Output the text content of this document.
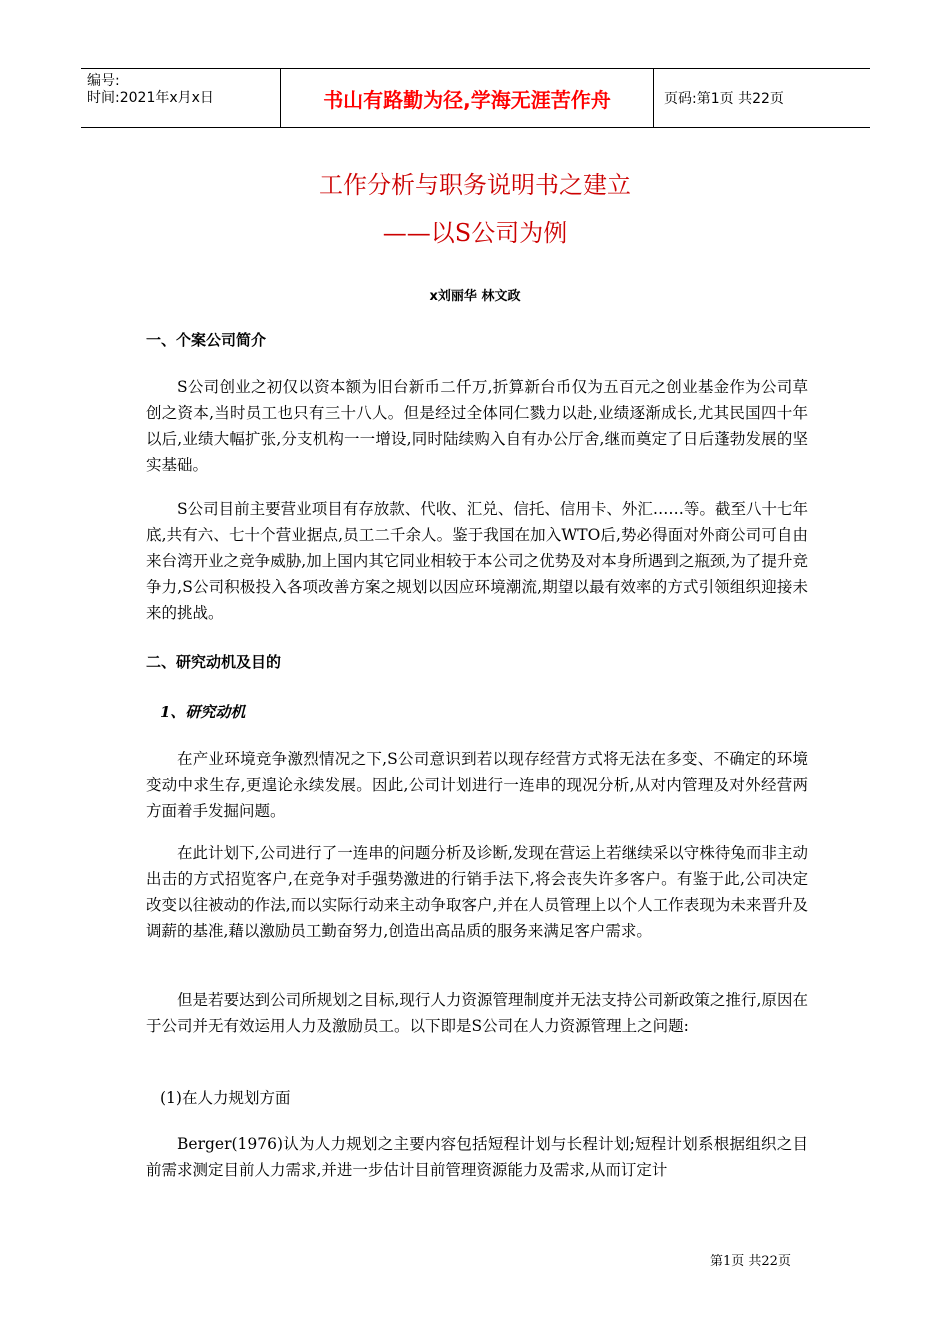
编号:
时间:2021年x月x日	书山有路勤为径,学海无涯苦作舟	页码:第1页 共22页
工作分析与职务说明书之建立
——以S公司为例
x刘丽华 林文政
一、个案公司简介

S公司创业之初仅以资本额为旧台新币二仟万,折算新台币仅为五百元之创业基金作为公司草创之资本,当时员工也只有三十八人。但是经过全体同仁戮力以赴,业绩逐渐成长,尤其民国四十年以后,业绩大幅扩张,分支机构一一增设,同时陆续购入自有办公厅舍,继而奠定了日后蓬勃发展的坚实基础。

S公司目前主要营业项目有存放款、代收、汇兑、信托、信用卡、外汇……等。截至八十七年底,共有六、七十个营业据点,员工二千余人。鉴于我国在加入WTO后,势必得面对外商公司可自由来台湾开业之竞争威胁,加上国内其它同业相较于本公司之优势及对本身所遇到之瓶颈,为了提升竞争力,S公司积极投入各项改善方案之规划以因应环境潮流,期望以最有效率的方式引领组织迎接未来的挑战。

二、研究动机及目的
1、研究动机

在产业环境竞争激烈情况之下,S公司意识到若以现存经营方式将无法在多变、不确定的环境变动中求生存,更遑论永续发展。因此,公司计划进行一连串的现况分析,从对内管理及对外经营两方面着手发掘问题。

在此计划下,公司进行了一连串的问题分析及诊断,发现在营运上若继续采以守株待兔而非主动出击的方式招览客户,在竞争对手强势激进的行销手法下,将会丧失许多客户。有鉴于此,公司决定改变以往被动的作法,而以实际行动来主动争取客户,并在人员管理上以个人工作表现为未来晋升及调薪的基准,藉以激励员工勤奋努力,创造出高品质的服务来满足客户需求。

但是若要达到公司所规划之目标,现行人力资源管理制度并无法支持公司新政策之推行,原因在于公司并无有效运用人力及激励员工。以下即是S公司在人力资源管理上之问题:

(1)在人力规划方面

Berger(1976)认为人力规划之主要内容包括短程计划与长程计划;短程计划系根据组织之目前需求测定目前人力需求,并进一步估计目前管理资源能力及需求,从而订定计

第1页 共22页
